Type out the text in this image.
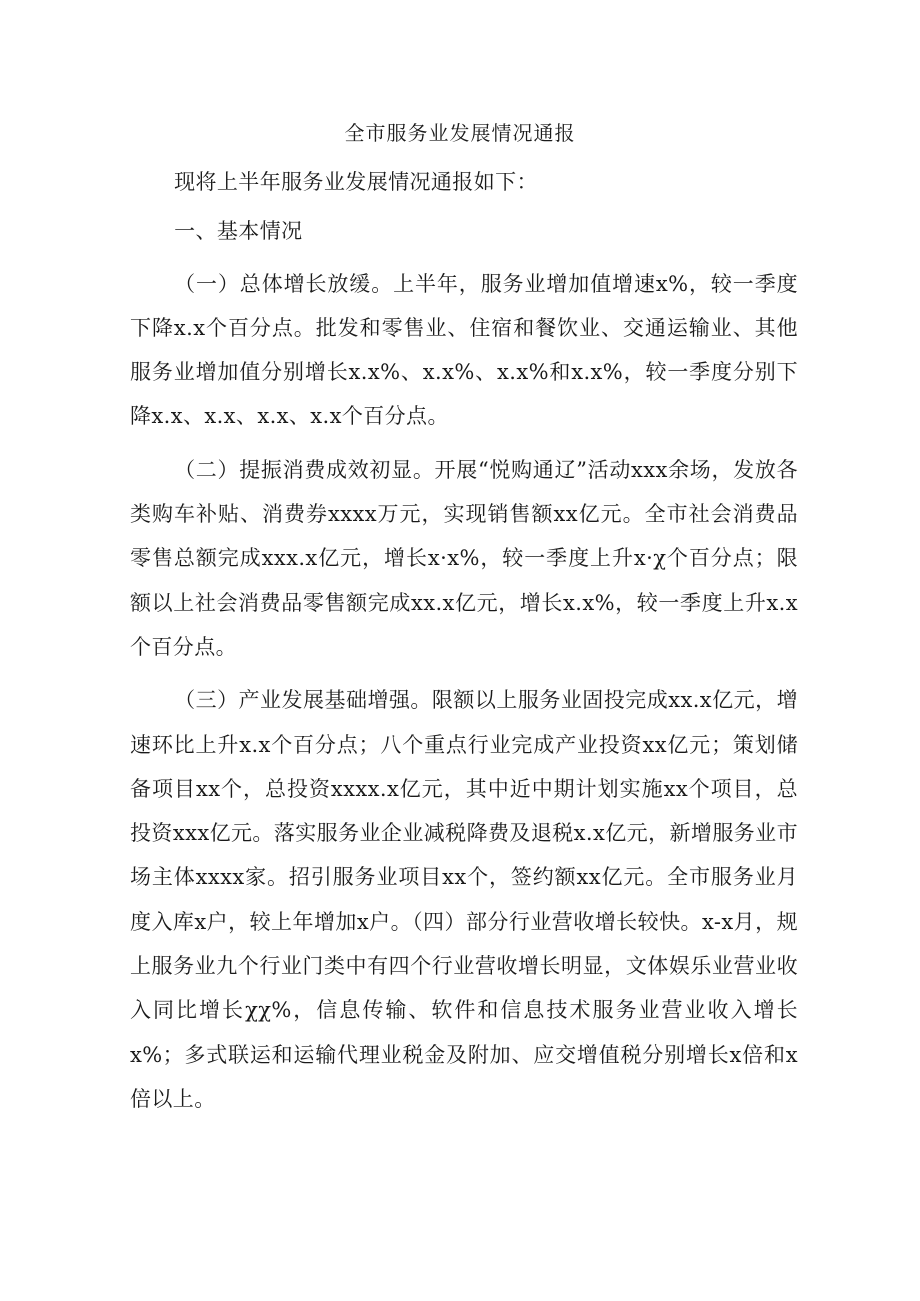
全市服务业发展情况通报

现将上半年服务业发展情况通报如下：

一、基本情况

（一）总体增长放缓。上半年，服务业增加值增速x%，较一季度下降x.x个百分点。批发和零售业、住宿和餐饮业、交通运输业、其他服务业增加值分别增长x.x%、x.x%、x.x%和x.x%，较一季度分别下降x.x、x.x、x.x、x.x个百分点。

（二）提振消费成效初显。开展“悦购通辽”活动xxx余场，发放各类购车补贴、消费券xxxx万元，实现销售额xx亿元。全市社会消费品零售总额完成xxx.x亿元，增长x·x%，较一季度上升x·χ个百分点；限额以上社会消费品零售额完成xx.x亿元，增长x.x%，较一季度上升x.x个百分点。

（三）产业发展基础增强。限额以上服务业固投完成xx.x亿元，增速环比上升x.x个百分点；八个重点行业完成产业投资xx亿元；策划储备项目xx个，总投资xxxx.x亿元，其中近中期计划实施xx个项目，总投资xxx亿元。落实服务业企业减税降费及退税x.x亿元，新增服务业市场主体xxxx家。招引服务业项目xx个，签约额xx亿元。全市服务业月度入库x户，较上年增加x户。（四）部分行业营收增长较快。x-x月，规上服务业九个行业门类中有四个行业营收增长明显，文体娱乐业营业收入同比增长χχ%，信息传输、软件和信息技术服务业营业收入增长x%；多式联运和运输代理业税金及附加、应交增值税分别增长x倍和x倍以上。
